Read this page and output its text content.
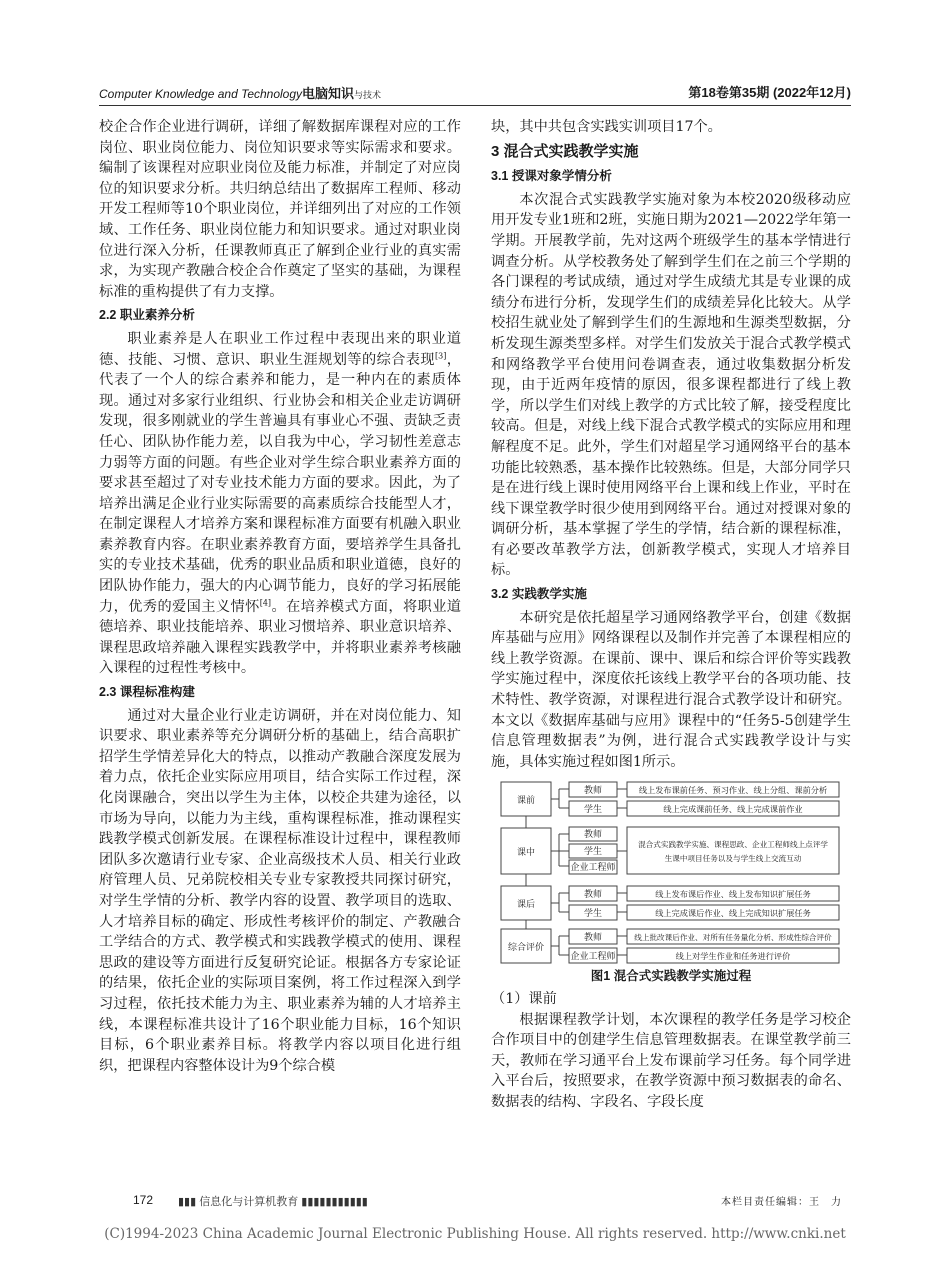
Computer Knowledge and Technology电脑知识与技术	第18卷第35期 (2022年12月)

校企合作企业进行调研，详细了解数据库课程对应的工作岗位、职业岗位能力、岗位知识要求等实际需求和要求。编制了该课程对应职业岗位及能力标准，并制定了对应岗位的知识要求分析。共归纳总结出了数据库工程师、移动开发工程师等10个职业岗位，并详细列出了对应的工作领域、工作任务、职业岗位能力和知识要求。通过对职业岗位进行深入分析，任课教师真正了解到企业行业的真实需求，为实现产教融合校企合作奠定了坚实的基础，为课程标准的重构提供了有力支撑。

2.2 职业素养分析

职业素养是人在职业工作过程中表现出来的职业道德、技能、习惯、意识、职业生涯规划等的综合表现[3]，代表了一个人的综合素养和能力，是一种内在的素质体现。通过对多家行业组织、行业协会和相关企业走访调研发现，很多刚就业的学生普遍具有事业心不强、责缺乏责任心、团队协作能力差，以自我为中心，学习韧性差意志力弱等方面的问题。有些企业对学生综合职业素养方面的要求甚至超过了对专业技术能力方面的要求。因此，为了培养出满足企业行业实际需要的高素质综合技能型人才，在制定课程人才培养方案和课程标准方面要有机融入职业素养教育内容。在职业素养教育方面，要培养学生具备扎实的专业技术基础，优秀的职业品质和职业道德，良好的团队协作能力，强大的内心调节能力，良好的学习拓展能力，优秀的爱国主义情怀[4]。在培养模式方面，将职业道德培养、职业技能培养、职业习惯培养、职业意识培养、课程思政培养融入课程实践教学中，并将职业素养考核融入课程的过程性考核中。

2.3 课程标准构建

通过对大量企业行业走访调研，并在对岗位能力、知识要求、职业素养等充分调研分析的基础上，结合高职扩招学生学情差异化大的特点，以推动产教融合深度发展为着力点，依托企业实际应用项目，结合实际工作过程，深化岗课融合，突出以学生为主体，以校企共建为途径，以市场为导向，以能力为主线，重构课程标准，推动课程实践教学模式创新发展。在课程标准设计过程中，课程教师团队多次邀请行业专家、企业高级技术人员、相关行业政府管理人员、兄弟院校相关专业专家教授共同探讨研究，对学生学情的分析、教学内容的设置、教学项目的选取、人才培养目标的确定、形成性考核评价的制定、产教融合工学结合的方式、教学模式和实践教学模式的使用、课程思政的建设等方面进行反复研究论证。根据各方专家论证的结果，依托企业的实际项目案例，将工作过程深入到学习过程，依托技术能力为主、职业素养为辅的人才培养主线，本课程标准共设计了16个职业能力目标，16个知识目标，6个职业素养目标。将教学内容以项目化进行组织，把课程内容整体设计为9个综合模

块，其中共包含实践实训项目17个。

3 混合式实践教学实施
3.1 授课对象学情分析

本次混合式实践教学实施对象为本校2020级移动应用开发专业1班和2班，实施日期为2021—2022学年第一学期。开展教学前，先对这两个班级学生的基本学情进行调查分析。从学校教务处了解到学生们在之前三个学期的各门课程的考试成绩，通过对学生成绩尤其是专业课的成绩分布进行分析，发现学生们的成绩差异化比较大。从学校招生就业处了解到学生们的生源地和生源类型数据，分析发现生源类型多样。对学生们发放关于混合式教学模式和网络教学平台使用问卷调查表，通过收集数据分析发现，由于近两年疫情的原因，很多课程都进行了线上教学，所以学生们对线上教学的方式比较了解，接受程度比较高。但是，对线上线下混合式教学模式的实际应用和理解程度不足。此外，学生们对超星学习通网络平台的基本功能比较熟悉，基本操作比较熟练。但是，大部分同学只是在进行线上课时使用网络平台上课和线上作业，平时在线下课堂教学时很少使用到网络平台。通过对授课对象的调研分析，基本掌握了学生的学情，结合新的课程标准，有必要改革教学方法，创新教学模式，实现人才培养目标。

3.2 实践教学实施

本研究是依托超星学习通网络教学平台，创建《数据库基础与应用》网络课程以及制作并完善了本课程相应的线上教学资源。在课前、课中、课后和综合评价等实践教学实施过程中，深度依托该线上教学平台的各项功能、技术特性、教学资源，对课程进行混合式教学设计和研究。本文以《数据库基础与应用》课程中的“任务5-5创建学生信息管理数据表”为例，进行混合式实践教学设计与实施，具体实施过程如图1所示。

课前
课中
课后
综合评价
教师
学生
教师
学生
企业工程师
教师
学生
教师
企业工程师
线上发布课前任务、预习作业、线上分组、课前分析
线上完成课前任务、线上完成课前作业
混合式实践教学实施、课程思政、企业工程师线上点评学
生课中项目任务以及与学生线上交流互动
线上发布课后作业、线上发布知识扩展任务
线上完成课后作业、线上完成知识扩展任务
线上批改课后作业、对所有任务量化分析、形成性综合评价
线上对学生作业和任务进行评价
图1 混合式实践教学实施过程

（1）课前

根据课程教学计划，本次课程的教学任务是学习校企合作项目中的创建学生信息管理数据表。在课堂教学前三天，教师在学习通平台上发布课前学习任务。每个同学进入平台后，按照要求，在教学资源中预习数据表的命名、数据表的结构、字段名、字段长度

172 ▮▮▮ 信息化与计算机教育 ▮▮▮▮▮▮▮▮▮▮▮	本栏目责任编辑：王　力
(C)1994-2023 China Academic Journal Electronic Publishing House. All rights reserved. http://www.cnki.net
